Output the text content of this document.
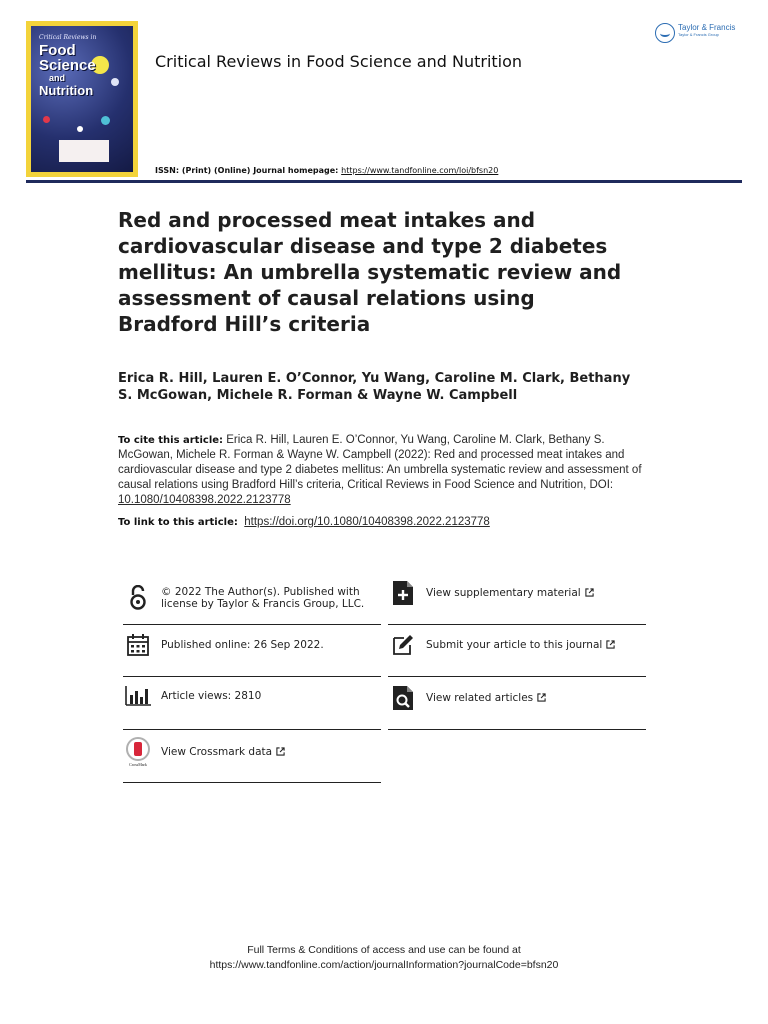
Critical Reviews in
Food
Science
and
Nutrition
Critical Reviews in Food Science and Nutrition
ISSN: (Print) (Online) Journal homepage: https://www.tandfonline.com/loi/bfsn20
Taylor & Francis
Taylor & Francis Group
Red and processed meat intakes and cardiovascular disease and type 2 diabetes mellitus: An umbrella systematic review and assessment of causal relations using Bradford Hill’s criteria
Erica R. Hill, Lauren E. O’Connor, Yu Wang, Caroline M. Clark, Bethany S. McGowan, Michele R. Forman & Wayne W. Campbell
To cite this article: Erica R. Hill, Lauren E. O’Connor, Yu Wang, Caroline M. Clark, Bethany S. McGowan, Michele R. Forman & Wayne W. Campbell (2022): Red and processed meat intakes and cardiovascular disease and type 2 diabetes mellitus: An umbrella systematic review and assessment of causal relations using Bradford Hill’s criteria, Critical Reviews in Food Science and Nutrition, DOI: 10.1080/10408398.2022.2123778
To link to this article: https://doi.org/10.1080/10408398.2022.2123778
© 2022 The Author(s). Published with license by Taylor & Francis Group, LLC.
Published online: 26 Sep 2022.
Article views: 2810
CrossMark
View Crossmark data
View supplementary material
Submit your article to this journal
View related articles
Full Terms & Conditions of access and use can be found at
https://www.tandfonline.com/action/journalInformation?journalCode=bfsn20
